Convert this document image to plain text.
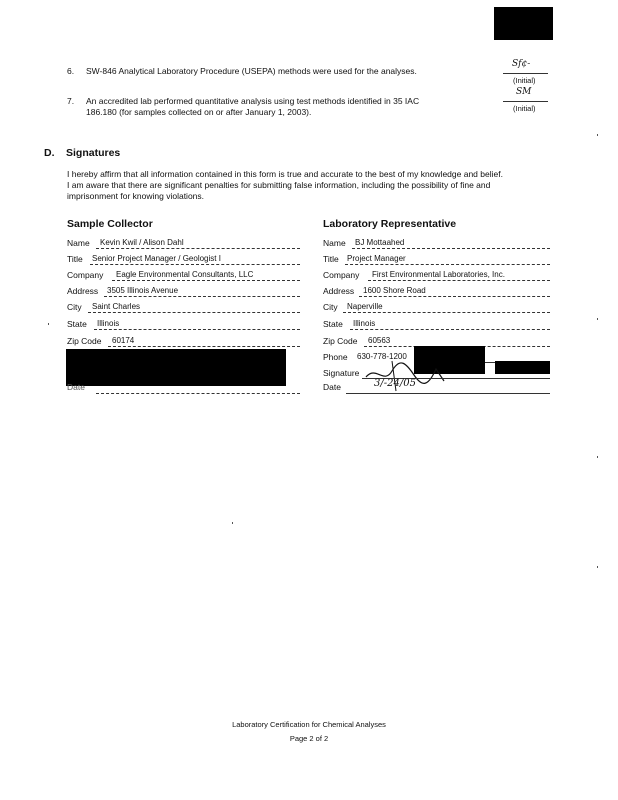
6. SW-846 Analytical Laboratory Procedure (USEPA) methods were used for the analyses.
Sf¢-
(Initial)
7. An accredited lab performed quantitative analysis using test methods identified in 35 IAC
186.180 (for samples collected on or after January 1, 2003).
SM
(Initial)
D. Signatures
I hereby affirm that all information contained in this form is true and accurate to the best of my knowledge and belief.
I am aware that there are significant penalties for submitting false information, including the possibility of fine and
imprisonment for knowing violations.
Sample Collector
Name Kevin Kwil / Alison Dahl
Title Senior Project Manager / Geologist I
Company Eagle Environmental Consultants, LLC
Address 3505 Illinois Avenue
City Saint Charles
State Illinois
Zip Code 60174
Date
Laboratory Representative
Name BJ Mottaahed
Title Project Manager
Company First Environmental Laboratories, Inc.
Address 1600 Shore Road
City Naperville
State Illinois
Zip Code 60563
Phone 630-778-1200
Signature
Date	3/-24/05
Laboratory Certification for Chemical Analyses
Page 2 of 2
